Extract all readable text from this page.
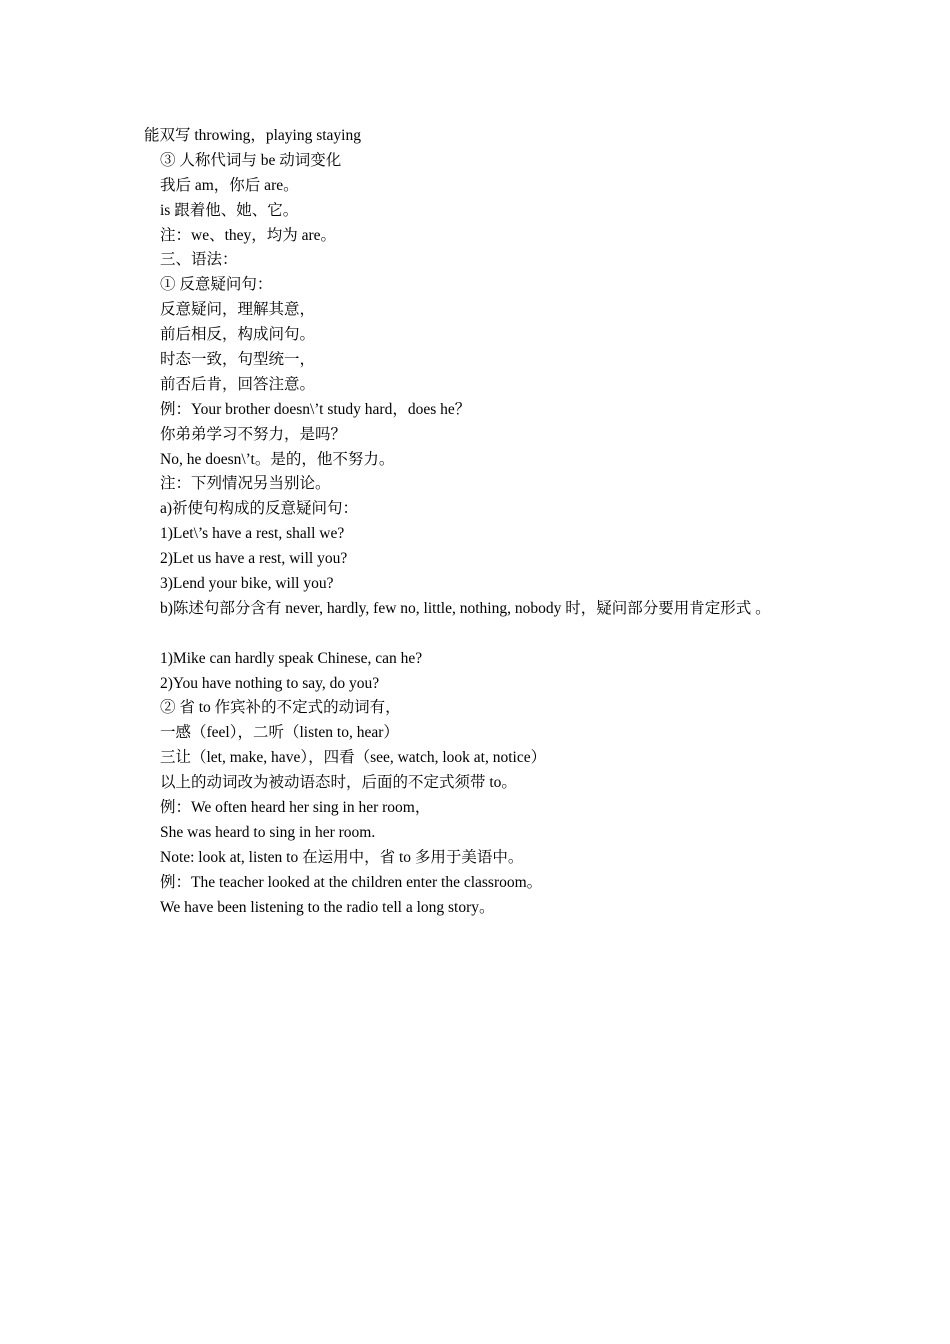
能双写 throwing，playing staying
③ 人称代词与 be 动词变化
我后 am，你后 are。
is 跟着他、她、它。
注：we、they，均为 are。
三、语法：
① 反意疑问句：
反意疑问，理解其意，
前后相反，构成问句。
时态一致，句型统一，
前否后肯，回答注意。
例：Your brother doesn\’t study hard，does he？
你弟弟学习不努力，是吗？
No, he doesn\’t。是的，他不努力。
注：下列情况另当别论。
a)祈使句构成的反意疑问句：
1)Let\’s have a rest, shall we?
2)Let us have a rest, will you?
3)Lend your bike, will you?
b)陈述句部分含有 never, hardly, few no, little, nothing, nobody 时，疑问部分要用肯定形式 。
1)Mike can hardly speak Chinese, can he?
2)You have nothing to say, do you?
② 省 to 作宾补的不定式的动词有，
一感（feel），二听（listen to, hear）
三让（let, make, have），四看（see, watch, look at, notice）
以上的动词改为被动语态时，后面的不定式须带 to。
例：We often heard her sing in her room，
She was heard to sing in her room.
Note: look at, listen to 在运用中，省 to 多用于美语中。
例：The teacher looked at the children enter the classroom。
We have been listening to the radio tell a long story。
